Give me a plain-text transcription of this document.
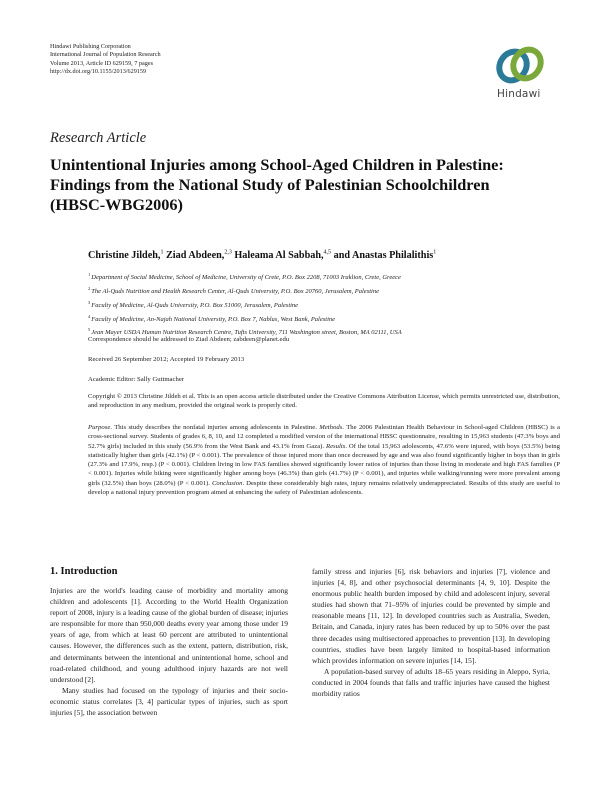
Hindawi Publishing Corporation
International Journal of Population Research
Volume 2013, Article ID 629159, 7 pages
http://dx.doi.org/10.1155/2013/629159
Hindawi
Research Article
Unintentional Injuries among School-Aged Children in Palestine: Findings from the National Study of Palestinian Schoolchildren (HBSC-WBG2006)
Christine Jildeh,$^1$ Ziad Abdeen,$^{2,3}$ Haleama Al Sabbah,$^{4,5}$ and Anastas Philalithis$^1$
$^1$Department of Social Medicine, School of Medicine, University of Crete, P.O. Box 2208, 71003 Iraklion, Crete, Greece
$^2$The Al-Quds Nutrition and Health Research Center, Al-Quds University, P.O. Box 20760, Jerusalem, Palestine
$^3$Faculty of Medicine, Al-Quds University, P.O. Box 51000, Jerusalem, Palestine
$^4$Faculty of Medicine, An-Najah National University, P.O. Box 7, Nablus, West Bank, Palestine
$^5$Jean Mayer USDA Human Nutrition Research Centre, Tufts University, 711 Washington street, Boston, MA 02111, USA
Correspondence should be addressed to Ziad Abdeen; zabdeen@planet.edu
Received 26 September 2012; Accepted 19 February 2013
Academic Editor: Sally Guttmacher
Copyright © 2013 Christine Jildeh et al. This is an open access article distributed under the Creative Commons Attribution License, which permits unrestricted use, distribution, and reproduction in any medium, provided the original work is properly cited.
Purpose. This study describes the nonfatal injuries among adolescents in Palestine. Methods. The 2006 Palestinian Health Behaviour in School-aged Children (HBSC) is a cross-sectional survey. Students of grades 6, 8, 10, and 12 completed a modified version of the international HBSC questionnaire, resulting in 15,963 students (47.3% boys and 52.7% girls) included in this study (56.9% from the West Bank and 43.1% from Gaza). Results. Of the total 15,963 adolescents, 47.6% were injured, with boys (53.5%) being statistically higher than girls (42.1%) (P < 0.001). The prevalence of those injured more than once decreased by age and was also found significantly higher in boys than in girls (27.3% and 17.9%, resp.) (P < 0.001). Children living in low FAS families showed significantly lower ratios of injuries than those living in moderate and high FAS families (P < 0.001). Injuries while biking were significantly higher among boys (46.3%) than girls (41.7%) (P < 0.001), and injuries while walking/running were more prevalent among girls (32.5%) than boys (28.0%) (P < 0.001). Conclusion. Despite these considerably high rates, injury remains relatively underappreciated. Results of this study are useful to develop a national injury prevention program aimed at enhancing the safety of Palestinian adolescents.
1. Introduction

Injuries are the world's leading cause of morbidity and mortality among children and adolescents [1]. According to the World Health Organization report of 2008, injury is a leading cause of the global burden of disease; injuries are responsible for more than 950,000 deaths every year among those under 19 years of age, from which at least 60 percent are attributed to unintentional causes. However, the differences such as the extent, pattern, distribution, risk, and determinants between the intentional and unintentional home, school and road-related childhood, and young adulthood injury hazards are not well understood [2].

Many studies had focused on the typology of injuries and their socio-economic status correlates [3, 4] particular types of injuries, such as sport injuries [5], the association between

family stress and injuries [6], risk behaviors and injuries [7], violence and injuries [4, 8], and other psychosocial determinants [4, 9, 10]. Despite the enormous public health burden imposed by child and adolescent injury, several studies had shown that 71–95% of injuries could be prevented by simple and reasonable means [11, 12]. In developed countries such as Australia, Sweden, Britain, and Canada, injury rates has been reduced by up to 50% over the past three decades using multisectored approaches to prevention [13]. In developing countries, studies have been largely limited to hospital-based information which provides information on severe injuries [14, 15].

A population-based survey of adults 18–65 years residing in Aleppo, Syria, conducted in 2004 founds that falls and traffic injuries have caused the highest morbidity ratios
